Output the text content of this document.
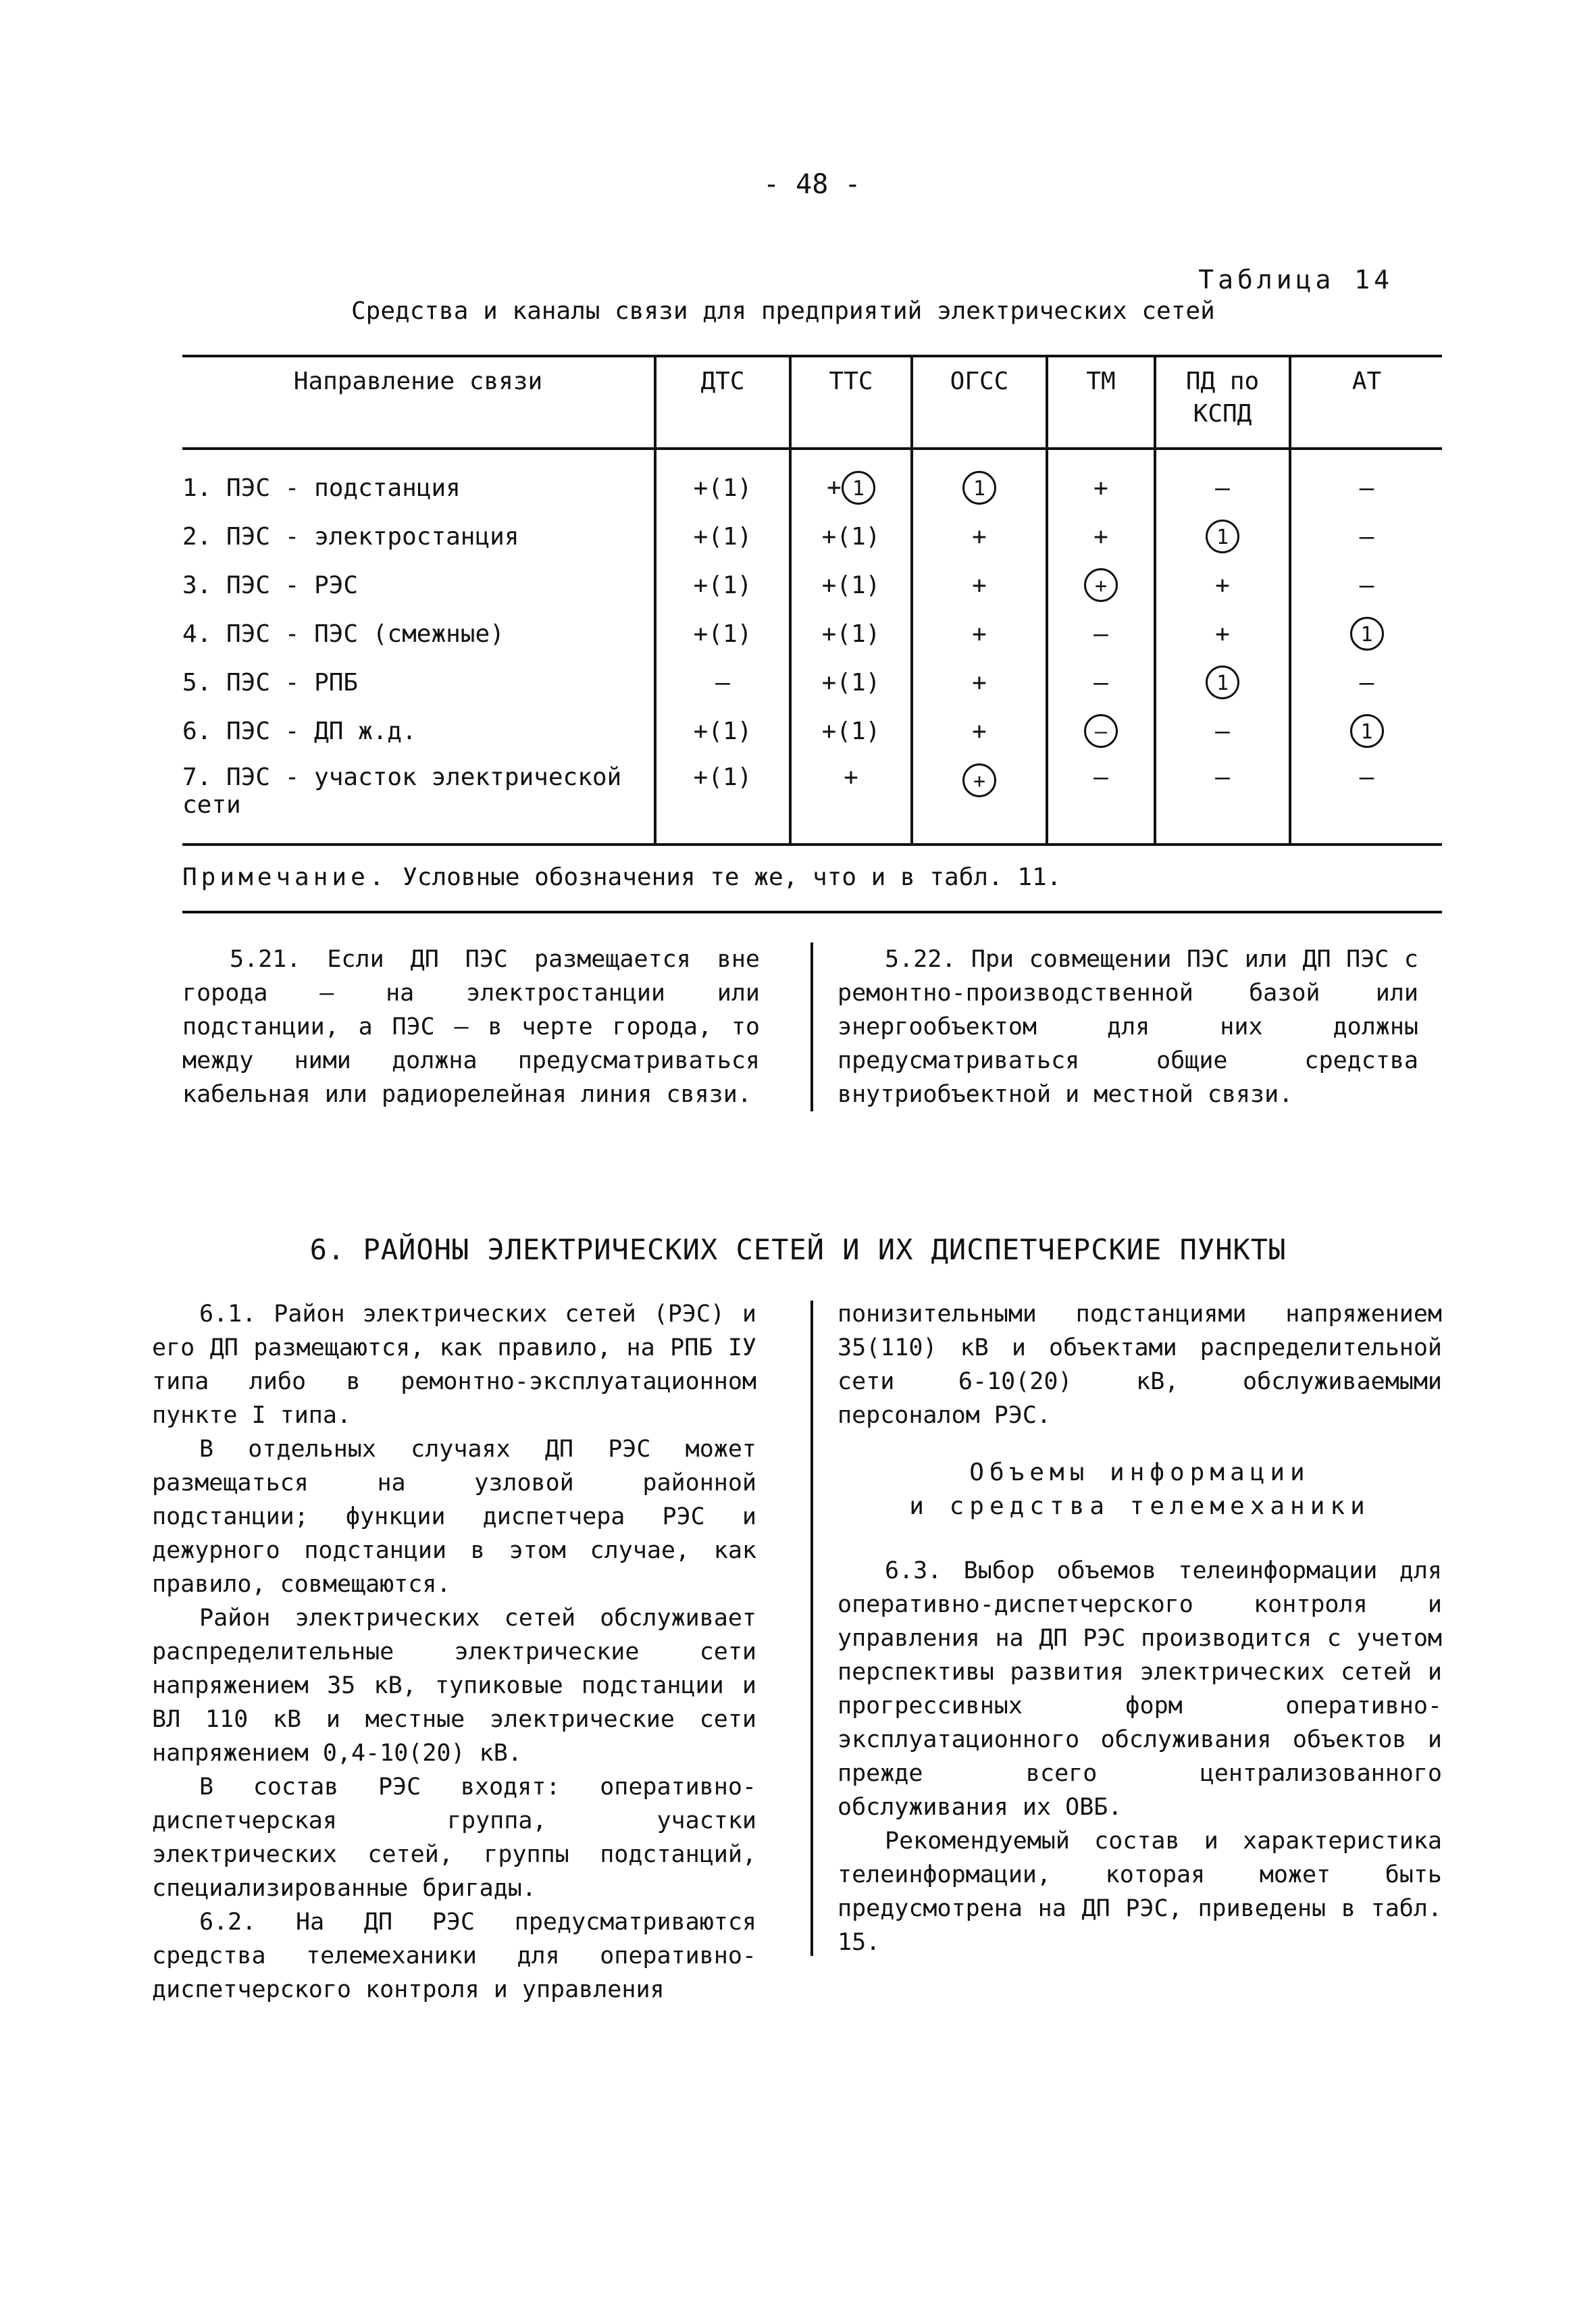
- 48 -
Таблица 14
Средства и каналы связи для предприятий электрических сетей
Направление связи	ДТС	ТТС	ОГСС	ТМ	ПД по КСПД	АТ
1. ПЭС - подстанция	+(1)	+ 1	1	+	–	–
2. ПЭС - электростанция	+(1)	+(1)	+	+	1	–
3. ПЭС - РЭС	+(1)	+(1)	+	+	+	–
4. ПЭС - ПЭС (смежные)	+(1)	+(1)	+	–	+	1
5. ПЭС - РПБ	–	+(1)	+	–	1	–
6. ПЭС - ДП ж.д.	+(1)	+(1)	+	–	–	1
7. ПЭС - участок электрической сети	+(1)	+	+	–	–	–
Примечание. Условные обозначения те же, что и в табл. 11.

5.21. Если ДП ПЭС размещается вне города — на электростанции или подстанции, а ПЭС — в черте города, то между ними должна предусматриваться кабельная или радиорелейная линия связи.

5.22. При совмещении ПЭС или ДП ПЭС с ремонтно-производственной базой или энергообъектом для них должны предусматриваться общие средства внутриобъектной и местной связи.

6. РАЙОНЫ ЭЛЕКТРИЧЕСКИХ СЕТЕЙ И ИХ ДИСПЕТЧЕРСКИЕ ПУНКТЫ

6.1. Район электрических сетей (РЭС) и его ДП размещаются, как правило, на РПБ IУ типа либо в ремонтно-эксплуатационном пункте I типа.

В отдельных случаях ДП РЭС может размещаться на узловой районной подстанции; функции диспетчера РЭС и дежурного подстанции в этом случае, как правило, совмещаются.

Район электрических сетей обслуживает распределительные электрические сети напряжением 35 кВ, тупиковые подстанции и ВЛ 110 кВ и местные электрические сети напряжением 0,4-10(20) кВ.

В состав РЭС входят: оперативно-диспетчерская группа, участки электрических сетей, группы подстанций, специализированные бригады.

6.2. На ДП РЭС предусматриваются средства телемеханики для оперативно-диспетчерского контроля и управления

понизительными подстанциями напряжением 35(110) кВ и объектами распределительной сети 6-10(20) кВ, обслуживаемыми персоналом РЭС.

Объемы информации
и средства телемеханики

6.3. Выбор объемов телеинформации для оперативно-диспетчерского контроля и управления на ДП РЭС производится с учетом перспективы развития электрических сетей и прогрессивных форм оперативно-эксплуатационного обслуживания объектов и прежде всего централизованного обслуживания их ОВБ.

Рекомендуемый состав и характеристика телеинформации, которая может быть предусмотрена на ДП РЭС, приведены в табл. 15.
